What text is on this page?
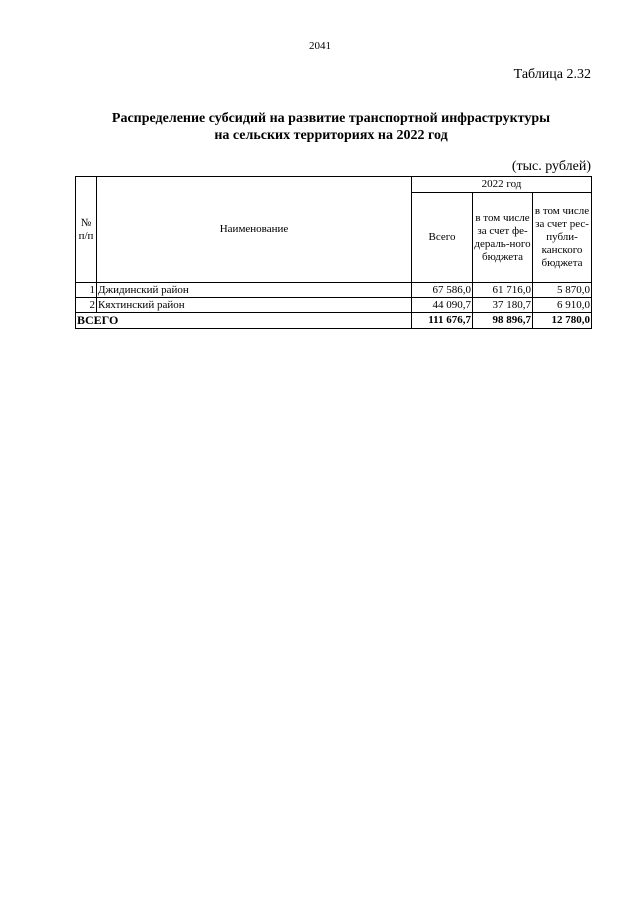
2041
Таблица 2.32
Распределение субсидий на развитие транспортной инфраструктуры
на сельских территориях на 2022 год
(тыс. рублей)
№ п/п	Наименование	2022 год		
		Всего	в том числе за счет фе-дераль-ного бюджета	в том числе за счет рес-публи-канского бюджета
1	Джидинский район	67 586,0	61 716,0	5 870,0
2	Кяхтинский район	44 090,7	37 180,7	6 910,0
ВСЕГО		111 676,7	98 896,7	12 780,0
